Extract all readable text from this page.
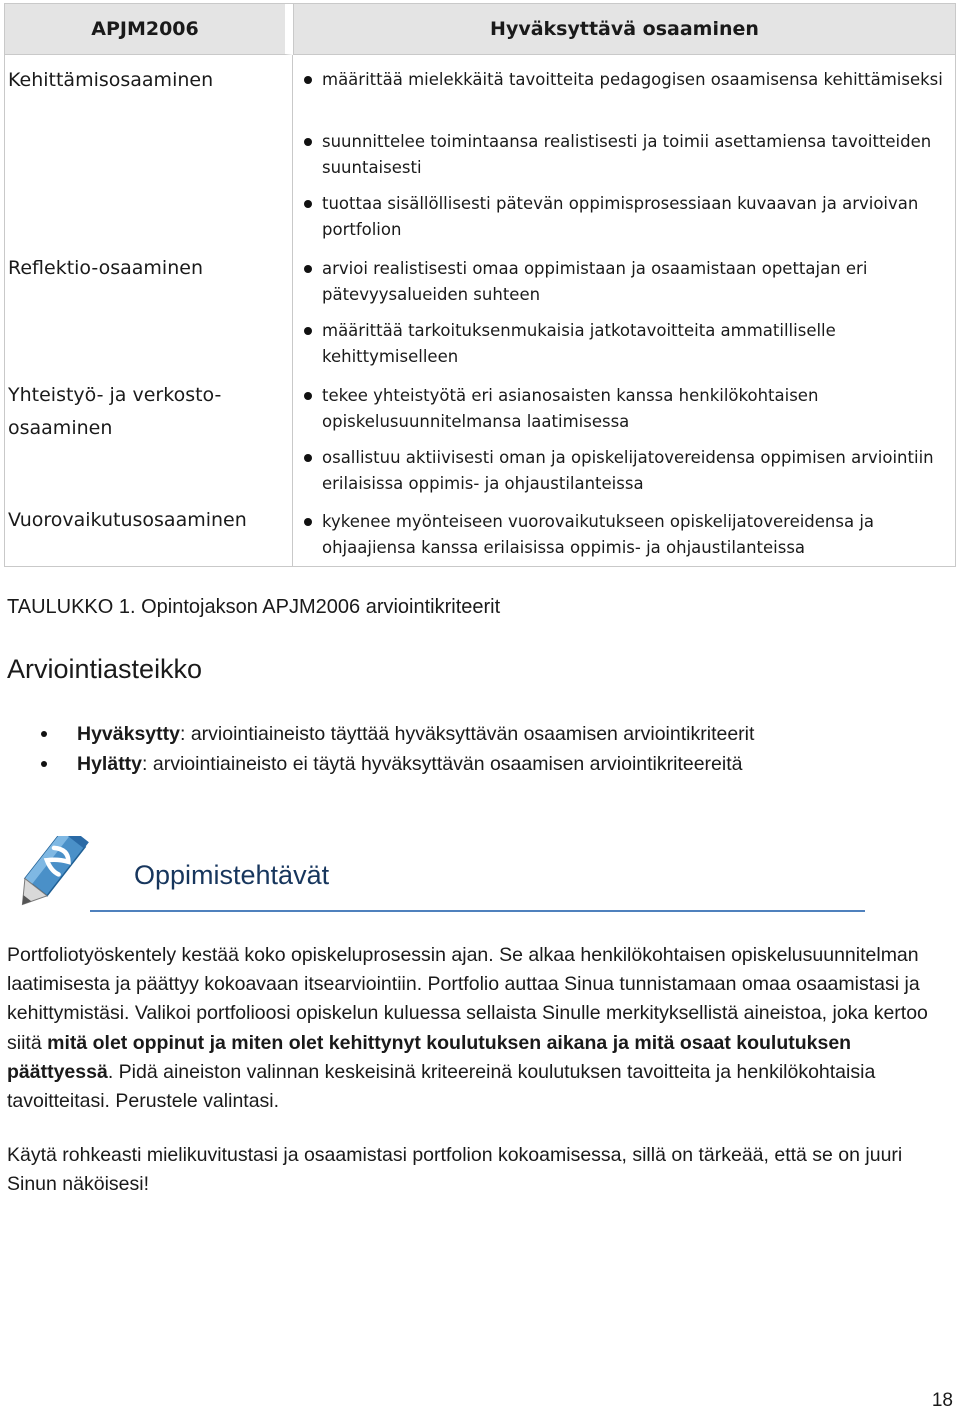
APJM2006	Hyväksyttävä osaaminen
Kehittämisosaaminen
Reflektio-osaaminen
Yhteistyö- ja verkosto-osaaminen
Vuorovaikutusosaaminen
määrittää mielekkäitä tavoitteita pedagogisen osaamisensa kehittämiseksi
suunnittelee toimintaansa realistisesti ja toimii asettamiensa tavoitteiden suuntaisesti
tuottaa sisällöllisesti pätevän oppimisprosessiaan kuvaavan ja arvioivan portfolion
arvioi realistisesti omaa oppimistaan ja osaamistaan opettajan eri pätevyysalueiden suhteen
määrittää tarkoituksenmukaisia jatkotavoitteita ammatilliselle kehittymiselleen
tekee yhteistyötä eri asianosaisten kanssa henkilökohtaisen opiskelusuunnitelmansa laatimisessa
osallistuu aktiivisesti oman ja opiskelijatovereidensa oppimisen arviointiin erilaisissa oppimis- ja ohjaustilanteissa
kykenee myönteiseen vuorovaikutukseen opiskelijatovereidensa ja ohjaajiensa kanssa erilaisissa oppimis- ja ohjaustilanteissa
TAULUKKO 1. Opintojakson APJM2006 arviointikriteerit
Arviointiasteikko
Hyväksytty: arviointiaineisto täyttää hyväksyttävän osaamisen arviointikriteerit
Hylätty: arviointiaineisto ei täytä hyväksyttävän osaamisen arviointikriteereitä
Oppimistehtävät
Portfoliotyöskentely kestää koko opiskeluprosessin ajan. Se alkaa henkilökohtaisen opiskelusuunnitelman laatimisesta ja päättyy kokoavaan itsearviointiin. Portfolio auttaa Sinua tunnistamaan omaa osaamistasi ja kehittymistäsi. Valikoi portfolioosi opiskelun kuluessa sellaista Sinulle merkityksellistä aineistoa, joka kertoo siitä mitä olet oppinut ja miten olet kehittynyt koulutuksen aikana ja mitä osaat koulutuksen päättyessä. Pidä aineiston valinnan keskeisinä kriteereinä koulutuksen tavoitteita ja henkilökohtaisia tavoitteitasi. Perustele valintasi.
Käytä rohkeasti mielikuvitustasi ja osaamistasi portfolion kokoamisessa, sillä on tärkeää, että se on juuri Sinun näköisesi!
18
